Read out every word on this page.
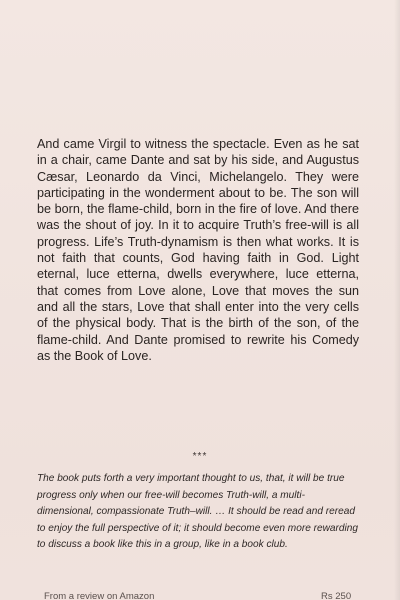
And came Virgil to witness the spectacle. Even as he sat in a chair, came Dante and sat by his side, and Augustus Cæsar, Leonardo da Vinci, Michelangelo. They were participating in the wonderment about to be. The son will be born, the flame-child, born in the fire of love. And there was the shout of joy. In it to acquire Truth’s free-will is all progress. Life’s Truth-dynamism is then what works. It is not faith that counts, God having faith in God. Light eternal, luce etterna, dwells everywhere, luce etterna, that comes from Love alone, Love that moves the sun and all the stars, Love that shall enter into the very cells of the physical body. That is the birth of the son, of the flame-child. And Dante promised to rewrite his Comedy as the Book of Love.

***

The book puts forth a very important thought to us, that, it will be true progress only when our free-will becomes Truth-will, a multi-dimensional, compassionate Truth–will. … It should be read and reread to enjoy the full perspective of it; it should become even more rewarding to discuss a book like this in a group, like in a book club.

From a review on Amazon	Rs 250
